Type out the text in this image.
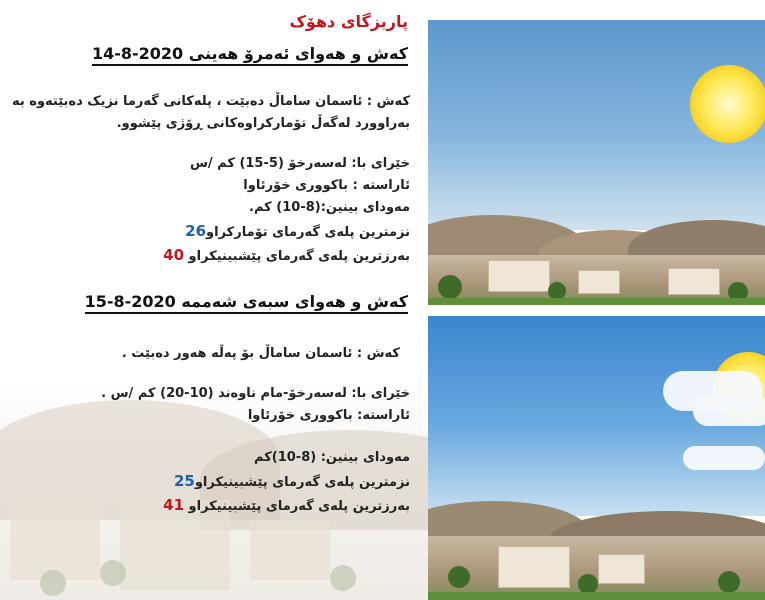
پاریزگای دهۆک
کەش و هەوای ئەمرۆ هەینی 2020-8-14
کەش : ئاسمان ساماڵ دەبێت ، پلەکانی گەرما نزیک دەبێتەوە بە
بەراوورد لەگەڵ تۆمارکراوەکانی ڕۆژی پێشوو.
خێرای با: لەسەرخۆ (5-15) کم /س
ئاراستە : باکووری خۆرئاوا
مەودای بینین:(8-10) کم.
نزمترین پلەی گەرمای تۆمارکراو26
بەرزترین پلەی گەرمای پێشبینیکراو 40
کەش و هەوای سبەی شەممە 2020-8-15
کەش : ئاسمان ساماڵ بۆ پەڵە هەور دەبێت .
خێرای با: لەسەرخۆ-مام ناوەند (10-20) کم /س .
ئاراستە: باکووری خۆرئاوا
مەودای بینین: (8-10)کم
نزمترین پلەی گەرمای پێشبینیکراو25
بەرزترین پلەی گەرمای پێشبینیکراو 41
